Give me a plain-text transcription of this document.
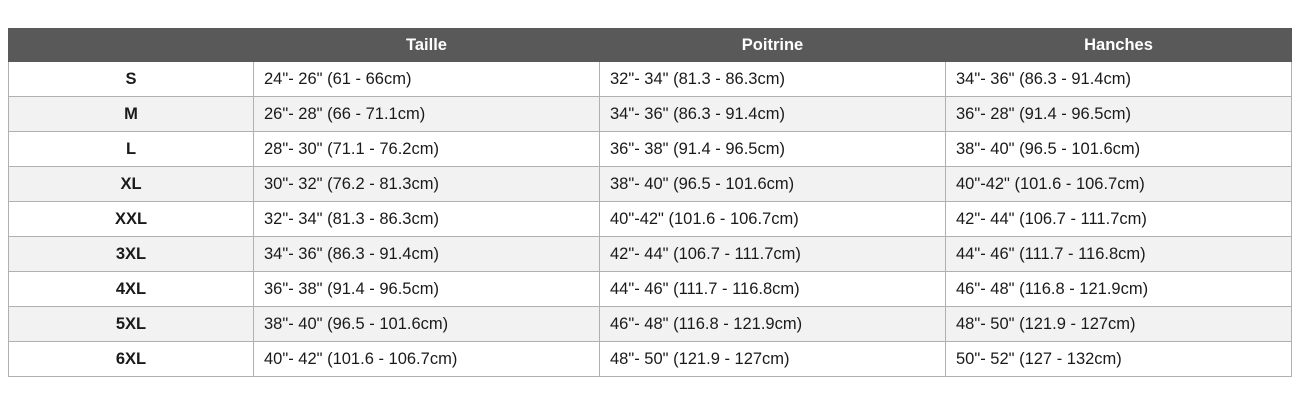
	Taille	Poitrine	Hanches
S	24"- 26" (61 - 66cm)	32"- 34" (81.3 - 86.3cm)	34"- 36" (86.3 - 91.4cm)
M	26"- 28" (66 - 71.1cm)	34"- 36" (86.3 - 91.4cm)	36"- 28" (91.4 - 96.5cm)
L	28"- 30" (71.1 - 76.2cm)	36"- 38" (91.4 - 96.5cm)	38"- 40" (96.5 - 101.6cm)
XL	30"- 32" (76.2 - 81.3cm)	38"- 40" (96.5 - 101.6cm)	40"-42" (101.6 - 106.7cm)
XXL	32"- 34" (81.3 - 86.3cm)	40"-42" (101.6 - 106.7cm)	42"- 44" (106.7 - 111.7cm)
3XL	34"- 36" (86.3 - 91.4cm)	42"- 44" (106.7 - 111.7cm)	44"- 46" (111.7 - 116.8cm)
4XL	36"- 38" (91.4 - 96.5cm)	44"- 46" (111.7 - 116.8cm)	46"- 48" (116.8 - 121.9cm)
5XL	38"- 40" (96.5 - 101.6cm)	46"- 48" (116.8 - 121.9cm)	48"- 50" (121.9 - 127cm)
6XL	40"- 42" (101.6 - 106.7cm)	48"- 50" (121.9 - 127cm)	50"- 52" (127 - 132cm)
